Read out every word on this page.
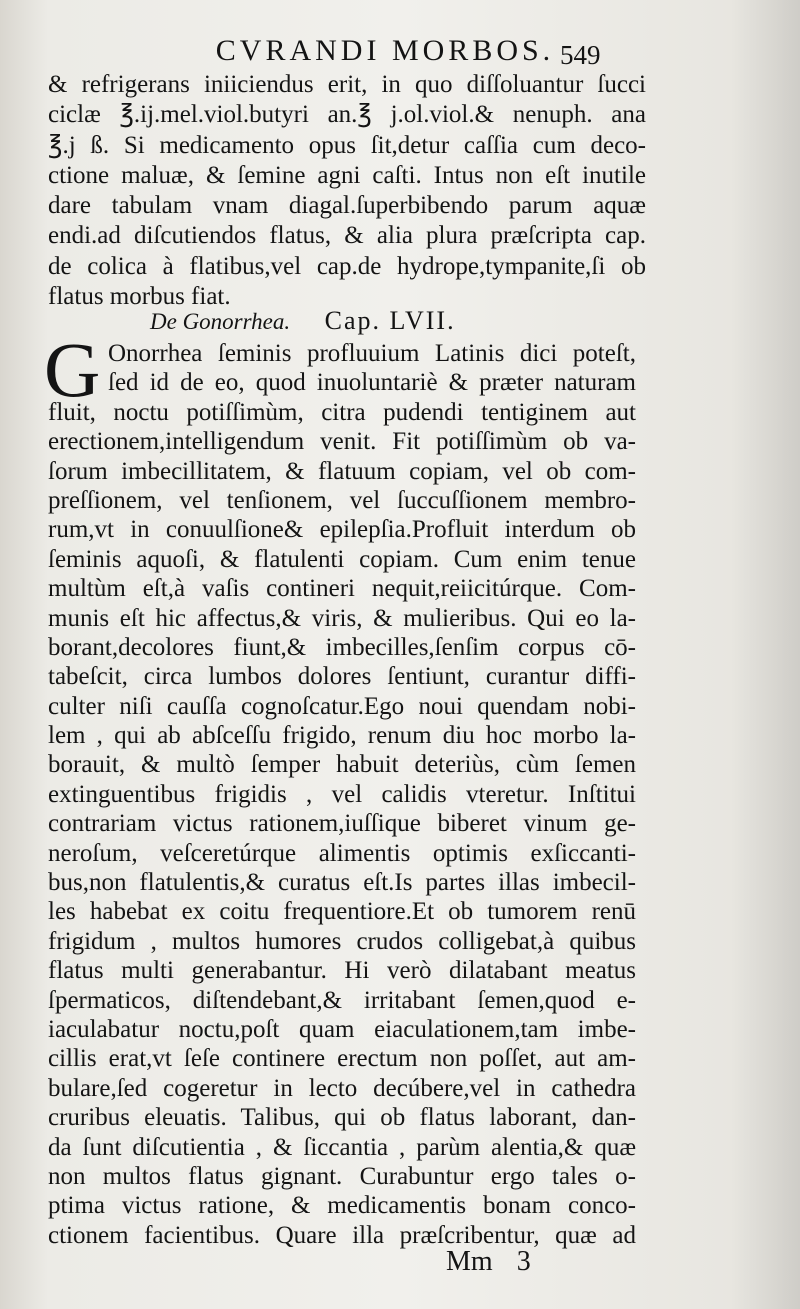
CVRANDI MORBOS. 549
& refrigerans iniiciendus erit, in quo diſſoluantur ſucci
ciclæ ℥.ij.mel.viol.butyri an.℥ j.ol.viol.& nenuph. ana
℥.j ß. Si medicamento opus ſit,detur caſſia cum deco-
ctione maluæ, & ſemine agni caſti. Intus non eſt inutile
dare tabulam vnam diagal.ſuperbibendo parum aquæ
endi.ad diſcutiendos flatus, & alia plura præſcripta cap.
de colica à flatibus,vel cap.de hydrope,tympanite,ſi ob
flatus morbus fiat.
De Gonorrhea. Cap. LVII.
G Onorrhea ſeminis profluuium Latinis dici poteſt,
ſed id de eo, quod inuoluntariè & præter naturam
fluit, noctu potiſſimùm, citra pudendi tentiginem aut
erectionem,intelligendum venit. Fit potiſſimùm ob va-
ſorum imbecillitatem, & flatuum copiam, vel ob com-
preſſionem, vel tenſionem, vel ſuccuſſionem membro-
rum,vt in conuulſione& epilepſia.Profluit interdum ob
ſeminis aquoſi, & flatulenti copiam. Cum enim tenue
multùm eſt,à vaſis contineri nequit,reiicitúrque. Com-
munis eſt hic affectus,& viris, & mulieribus. Qui eo la-
borant,decolores fiunt,& imbecilles,ſenſim corpus cō-
tabeſcit, circa lumbos dolores ſentiunt, curantur diffi-
culter niſi cauſſa cognoſcatur.Ego noui quendam nobi-
lem , qui ab abſceſſu frigido, renum diu hoc morbo la-
borauit, & multò ſemper habuit deteriùs, cùm ſemen
extinguentibus frigidis , vel calidis vteretur. Inſtitui
contrariam victus rationem,iuſſique biberet vinum ge-
neroſum, veſceretúrque alimentis optimis exſiccanti-
bus,non flatulentis,& curatus eſt.Is partes illas imbecil-
les habebat ex coitu frequentiore.Et ob tumorem renū
frigidum , multos humores crudos colligebat,à quibus
flatus multi generabantur. Hi verò dilatabant meatus
ſpermaticos, diſtendebant,& irritabant ſemen,quod e-
iaculabatur noctu,poſt quam eiaculationem,tam imbe-
cillis erat,vt ſeſe continere erectum non poſſet, aut am-
bulare,ſed cogeretur in lecto decúbere,vel in cathedra
cruribus eleuatis. Talibus, qui ob flatus laborant, dan-
da ſunt diſcutientia , & ſiccantia , parùm alentia,& quæ
non multos flatus gignant. Curabuntur ergo tales o-
ptima victus ratione, & medicamentis bonam conco-
ctionem facientibus. Quare illa præſcribentur, quæ ad
Mm 3
